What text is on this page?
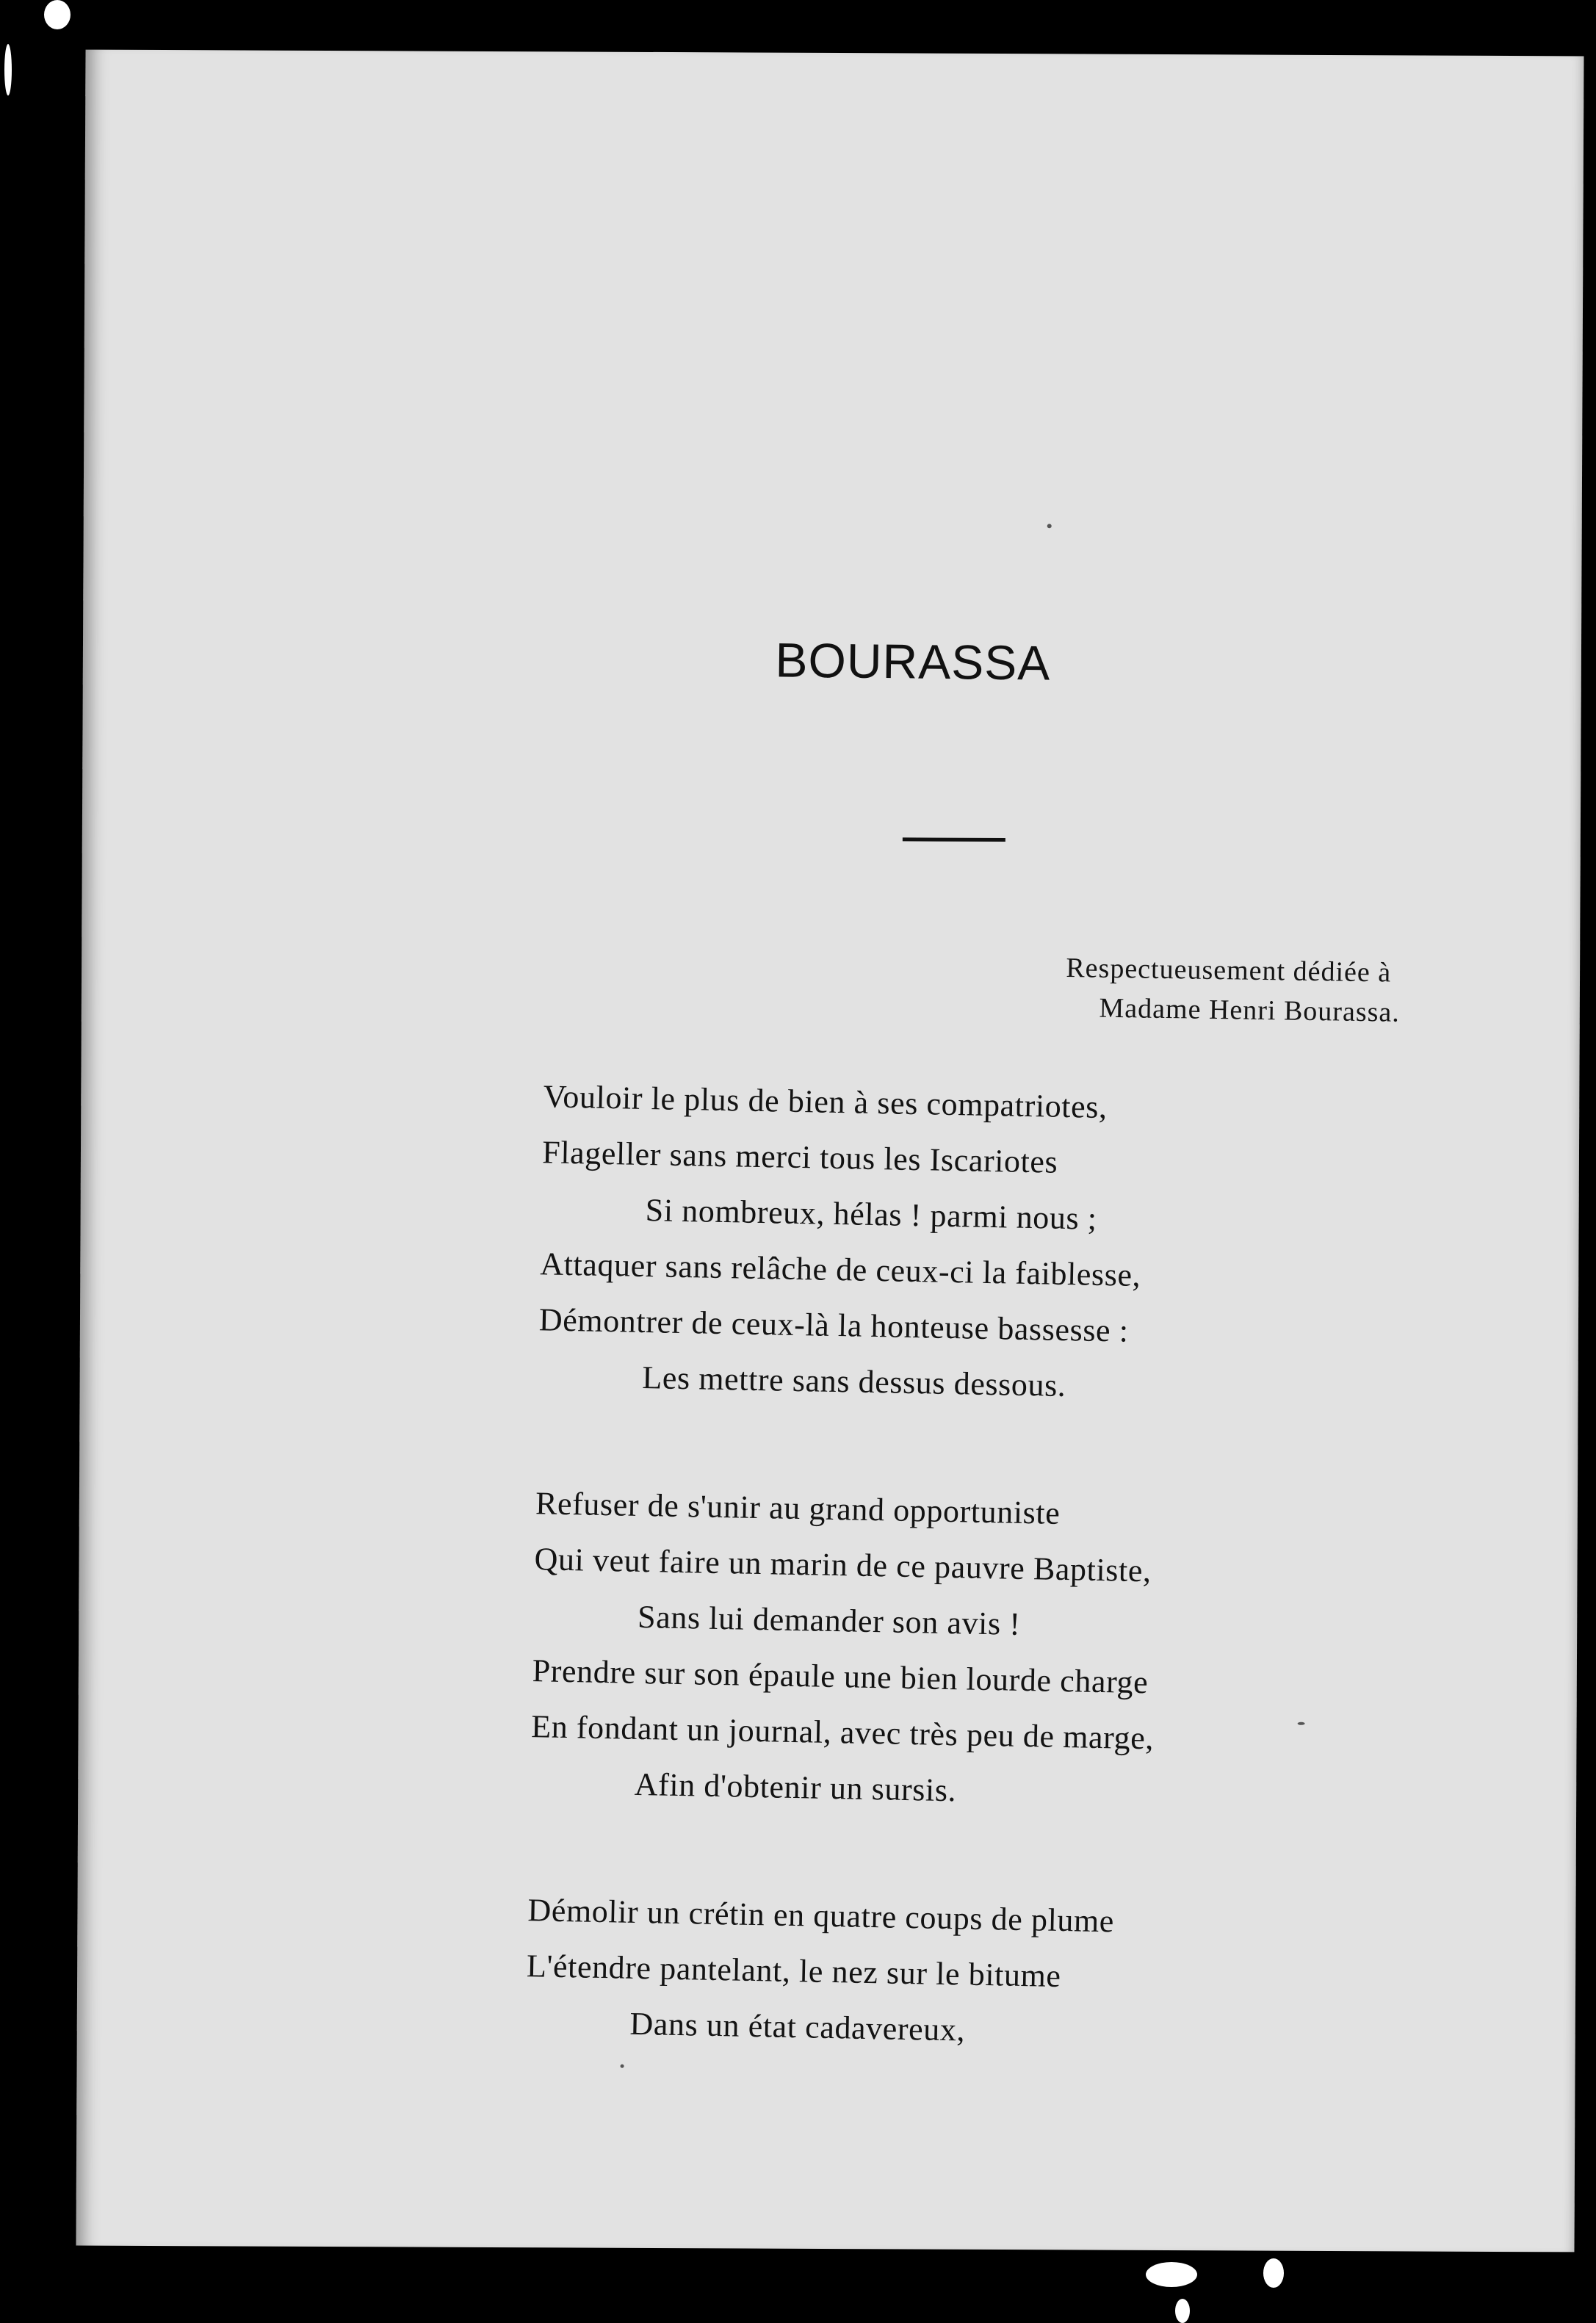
BOURASSA
Respectueusement dédiée à
Madame Henri Bourassa.
Vouloir le plus de bien à ses compatriotes,
Flageller sans merci tous les Iscariotes
Si nombreux, hélas ! parmi nous ;
Attaquer sans relâche de ceux-ci la faiblesse,
Démontrer de ceux-là la honteuse bassesse :
Les mettre sans dessus dessous.
Refuser de s'unir au grand opportuniste
Qui veut faire un marin de ce pauvre Baptiste,
Sans lui demander son avis !
Prendre sur son épaule une bien lourde charge
En fondant un journal, avec très peu de marge,
Afin d'obtenir un sursis.
Démolir un crétin en quatre coups de plume
L'étendre pantelant, le nez sur le bitume
Dans un état cadavereux,
